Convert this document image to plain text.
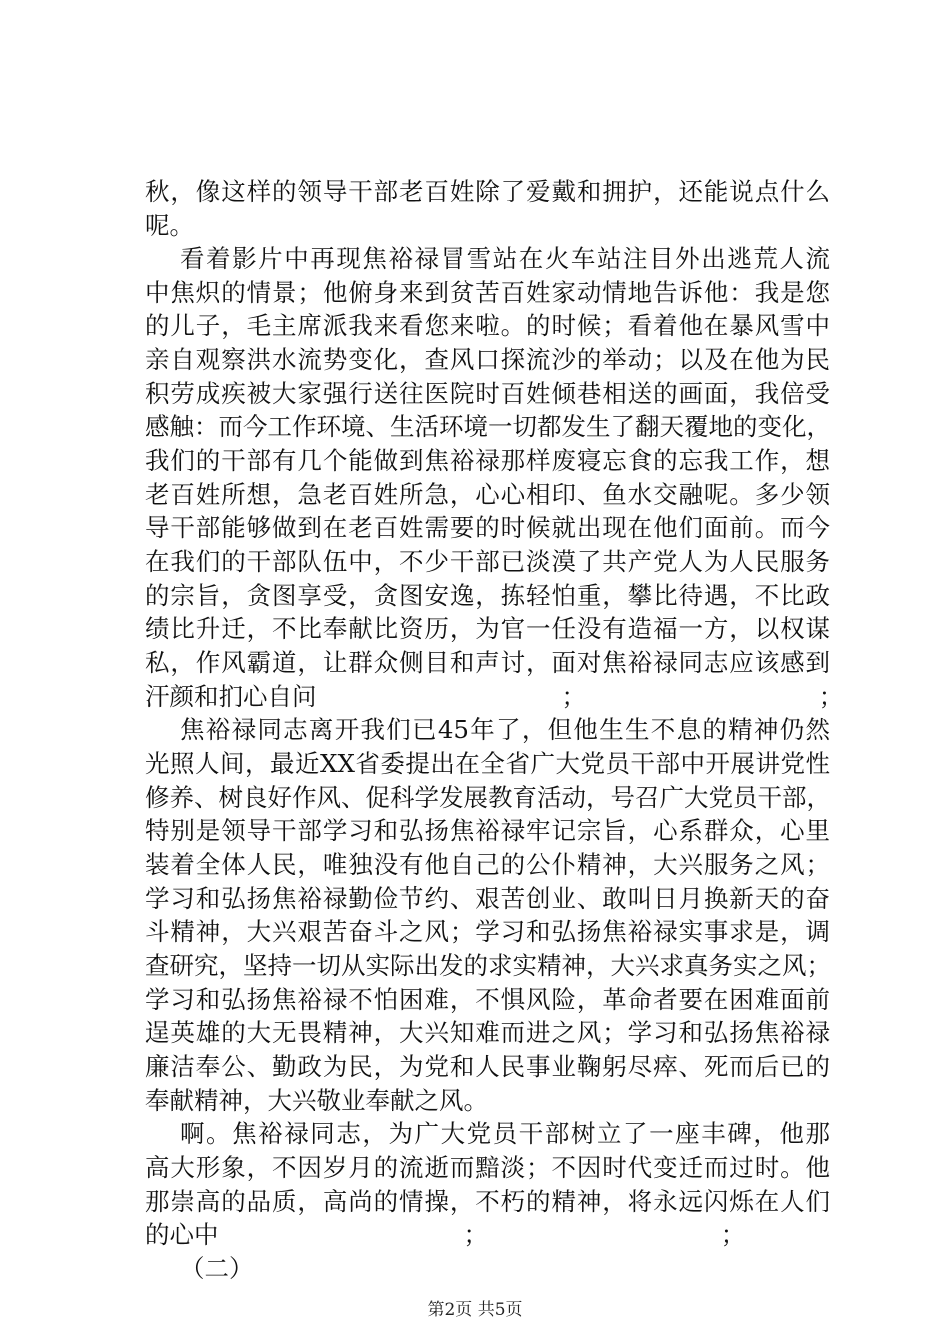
秋，像这样的领导干部老百姓除了爱戴和拥护，还能说点什么
呢。
看着影片中再现焦裕禄冒雪站在火车站注目外出逃荒人流
中焦炽的情景；他俯身来到贫苦百姓家动情地告诉他：我是您
的儿子，毛主席派我来看您来啦。的时候；看着他在暴风雪中
亲自观察洪水流势变化，查风口探流沙的举动；以及在他为民
积劳成疾被大家强行送往医院时百姓倾巷相送的画面，我倍受
感触：而今工作环境、生活环境一切都发生了翻天覆地的变化，
我们的干部有几个能做到焦裕禄那样废寝忘食的忘我工作，想
老百姓所想，急老百姓所急，心心相印、鱼水交融呢。多少领
导干部能够做到在老百姓需要的时候就出现在他们面前。而今
在我们的干部队伍中，不少干部已淡漠了共产党人为人民服务
的宗旨，贪图享受，贪图安逸，拣轻怕重，攀比待遇，不比政
绩比升迁，不比奉献比资历，为官一任没有造福一方，以权谋
私，作风霸道，让群众侧目和声讨，面对焦裕禄同志应该感到
汗颜和扪心自问　　　　　　　　　　；　　　　　　　　　　；
焦裕禄同志离开我们已45年了，但他生生不息的精神仍然
光照人间，最近XX省委提出在全省广大党员干部中开展讲党性
修养、树良好作风、促科学发展教育活动，号召广大党员干部，
特别是领导干部学习和弘扬焦裕禄牢记宗旨，心系群众，心里
装着全体人民，唯独没有他自己的公仆精神，大兴服务之风；
学习和弘扬焦裕禄勤俭节约、艰苦创业、敢叫日月换新天的奋
斗精神，大兴艰苦奋斗之风；学习和弘扬焦裕禄实事求是，调
查研究，坚持一切从实际出发的求实精神，大兴求真务实之风；
学习和弘扬焦裕禄不怕困难，不惧风险，革命者要在困难面前
逞英雄的大无畏精神，大兴知难而进之风；学习和弘扬焦裕禄
廉洁奉公、勤政为民，为党和人民事业鞠躬尽瘁、死而后已的
奉献精神，大兴敬业奉献之风。
啊。焦裕禄同志，为广大党员干部树立了一座丰碑，他那
高大形象，不因岁月的流逝而黯淡；不因时代变迁而过时。他
那崇高的品质，高尚的情操，不朽的精神，将永远闪烁在人们
的心中　　　　　　　　　　；　　　　　　　　　　；
（二）
第2页 共5页
